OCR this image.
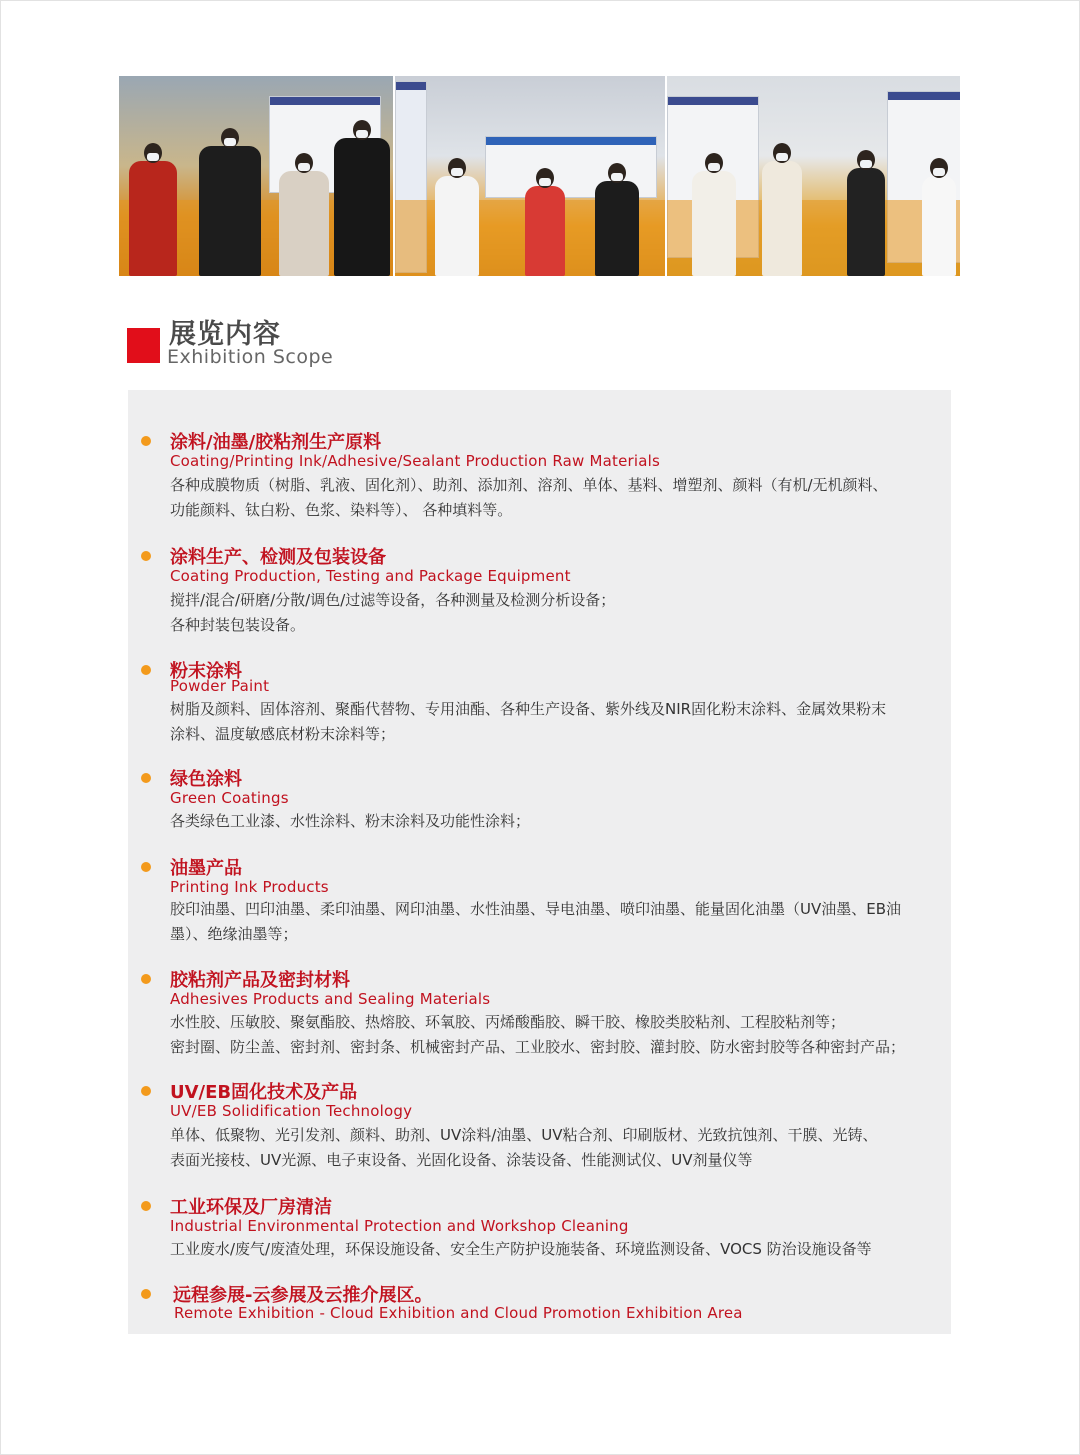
展览内容
Exhibition Scope
涂料/油墨/胶粘剂生产原料
Coating/Printing Ink/Adhesive/Sealant Production Raw Materials
各种成膜物质（树脂、乳液、固化剂）、助剂、添加剂、溶剂、单体、基料、增塑剂、颜料（有机/无机颜料、
功能颜料、钛白粉、色浆、染料等）、 各种填料等。
涂料生产、检测及包装设备
Coating Production, Testing and Package Equipment
搅拌/混合/研磨/分散/调色/过滤等设备，各种测量及检测分析设备；
各种封装包装设备。
粉末涂料
Powder Paint
树脂及颜料、固体溶剂、聚酯代替物、专用油酯、各种生产设备、紫外线及NIR固化粉末涂料、金属效果粉末
涂料、温度敏感底材粉末涂料等；
绿色涂料
Green Coatings
各类绿色工业漆、水性涂料、粉末涂料及功能性涂料；
油墨产品
Printing Ink Products
胶印油墨、凹印油墨、柔印油墨、网印油墨、水性油墨、导电油墨、喷印油墨、能量固化油墨（UV油墨、EB油
墨）、绝缘油墨等；
胶粘剂产品及密封材料
Adhesives Products and Sealing Materials
水性胶、压敏胶、聚氨酯胶、热熔胶、环氧胶、丙烯酸酯胶、瞬干胶、橡胶类胶粘剂、工程胶粘剂等；
密封圈、防尘盖、密封剂、密封条、机械密封产品、工业胶水、密封胶、灌封胶、防水密封胶等各种密封产品；
UV/EB固化技术及产品
UV/EB Solidification Technology
单体、低聚物、光引发剂、颜料、助剂、UV涂料/油墨、UV粘合剂、印刷版材、光致抗蚀剂、干膜、光铸、
表面光接枝、UV光源、电子束设备、光固化设备、涂装设备、性能测试仪、UV剂量仪等
工业环保及厂房清洁
Industrial Environmental Protection and Workshop Cleaning
工业废水/废气/废渣处理，环保设施设备、安全生产防护设施装备、环境监测设备、VOCS 防治设施设备等
远程参展-云参展及云推介展区。
Remote Exhibition - Cloud Exhibition and Cloud Promotion Exhibition Area
